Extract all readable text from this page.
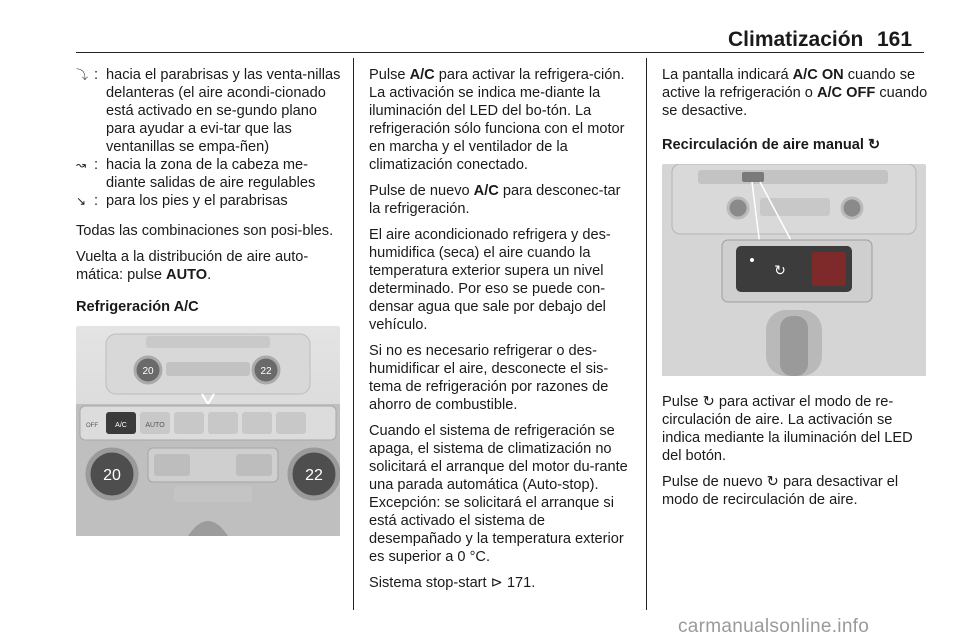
Climatización 161
⤵ : hacia el parabrisas y las venta-nillas delanteras (el aire acondi-cionado está activado en se-gundo plano para ayudar a evi-tar que las ventanillas se empa-ñen)
↝ : hacia la zona de la cabeza me-diante salidas de aire regulables
↘ : para los pies y el parabrisas

Todas las combinaciones son posi-bles.

Vuelta a la distribución de aire auto-mática: pulse AUTO.

Refrigeración A/C
20	22
A/C	AUTO
OFF
20	22

Pulse A/C para activar la refrigera-ción. La activación se indica me-diante la iluminación del LED del bo-tón. La refrigeración sólo funciona con el motor en marcha y el ventilador de la climatización conectado.

Pulse de nuevo A/C para desconec-tar la refrigeración.

El aire acondicionado refrigera y des-humidifica (seca) el aire cuando la temperatura exterior supera un nivel determinado. Por eso se puede con-densar agua que sale por debajo del vehículo.

Si no es necesario refrigerar o des-humidificar el aire, desconecte el sis-tema de refrigeración por razones de ahorro de combustible.

Cuando el sistema de refrigeración se apaga, el sistema de climatización no solicitará el arranque del motor du-rante una parada automática (Auto-stop). Excepción: se solicitará el arranque si está activado el sistema de desempañado y la temperatura exterior es superior a 0 °C.

Sistema stop-start ⊳ 171.

La pantalla indicará A/C ON cuando se active la refrigeración o A/C OFF cuando se desactive.

Recirculación de aire manual ↻
↻

Pulse ↻ para activar el modo de re-circulación de aire. La activación se indica mediante la iluminación del LED del botón.

Pulse de nuevo ↻ para desactivar el modo de recirculación de aire.

carmanualsonline.info
